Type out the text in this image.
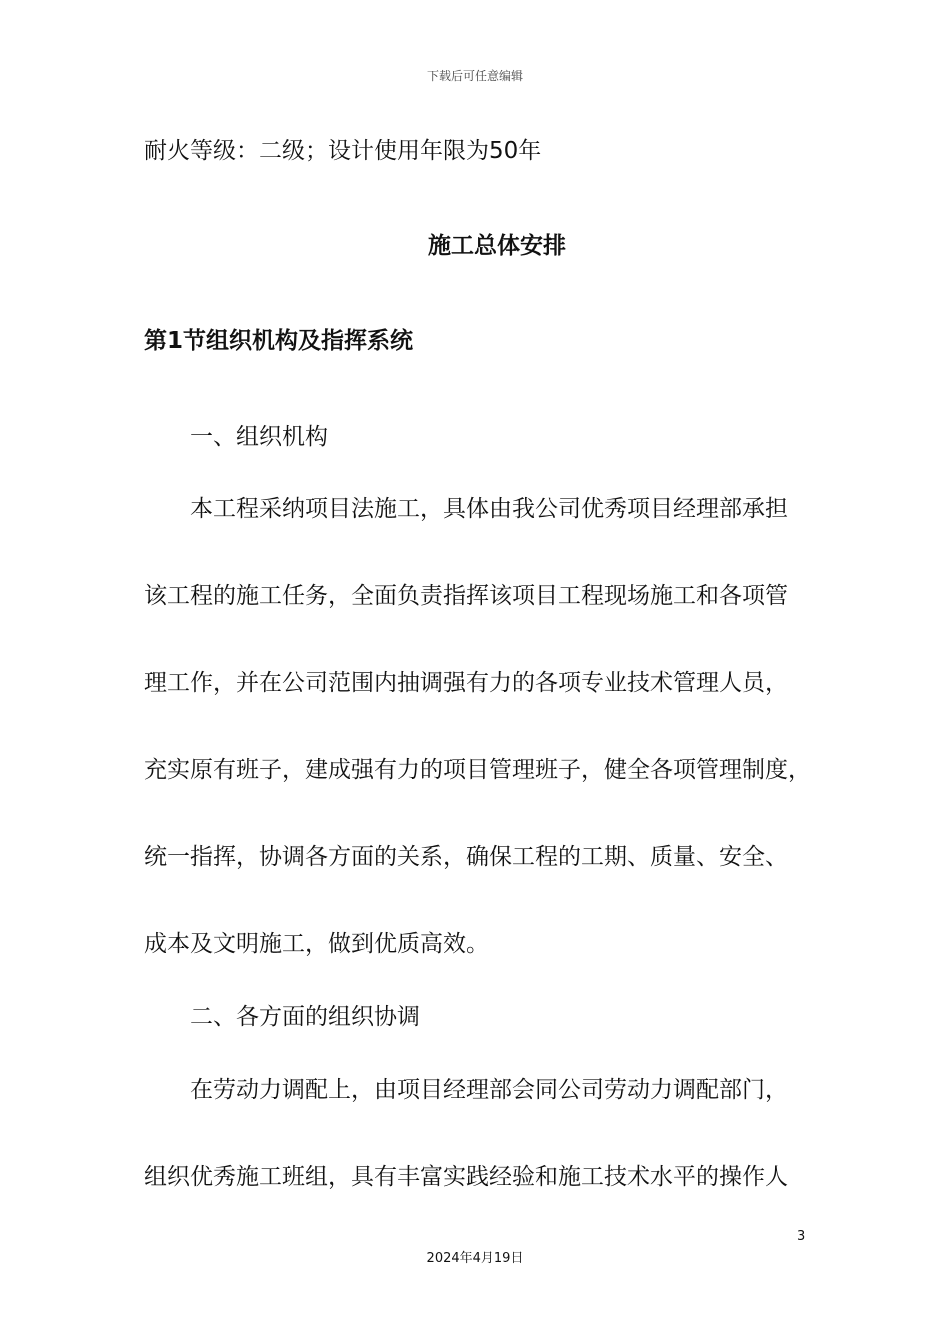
下载后可任意编辑
耐火等级：二级；设计使用年限为50年
施工总体安排
第1节组织机构及指挥系统
一、组织机构
本工程采纳项目法施工，具体由我公司优秀项目经理部承担
该工程的施工任务，全面负责指挥该项目工程现场施工和各项管
理工作，并在公司范围内抽调强有力的各项专业技术管理人员，
充实原有班子，建成强有力的项目管理班子，健全各项管理制度，
统一指挥，协调各方面的关系，确保工程的工期、质量、安全、
成本及文明施工，做到优质高效。
二、各方面的组织协调
在劳动力调配上，由项目经理部会同公司劳动力调配部门，
组织优秀施工班组，具有丰富实践经验和施工技术水平的操作人
3
2024年4月19日
